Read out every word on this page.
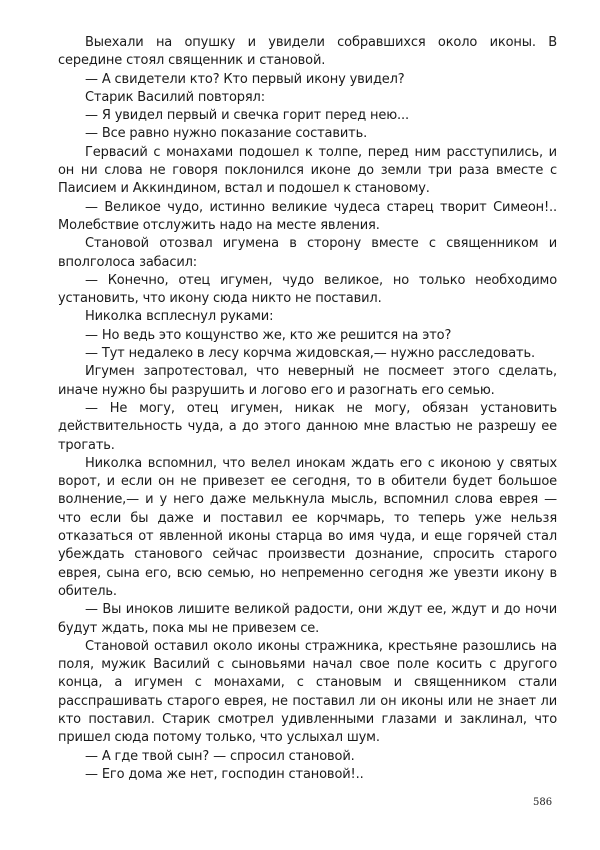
Выехали на опушку и увидели собравшихся около иконы. В середине стоял священник и становой.

— А свидетели кто? Кто первый икону увидел?

Старик Василий повторял:

— Я увидел первый и свечка горит перед нею...

— Все равно нужно показание составить.

Гервасий с монахами подошел к толпе, перед ним расступились, и он ни слова не говоря поклонился иконе до земли три раза вместе с Паисием и Аккиндином, встал и подошел к становому.

— Великое чудо, истинно великие чудеса старец творит Симеон!.. Молебствие отслужить надо на месте явления.

Становой отозвал игумена в сторону вместе с священником и вполголоса забасил:

— Конечно, отец игумен, чудо великое, но только необходимо установить, что икону сюда никто не поставил.

Николка всплеснул руками:

— Но ведь это кощунство же, кто же решится на это?

— Тут недалеко в лесу корчма жидовская,— нужно расследовать.

Игумен запротестовал, что неверный не посмеет этого сделать, иначе нужно бы разрушить и логово его и разогнать его семью.

— Не могу, отец игумен, никак не могу, обязан установить действительность чуда, а до этого данною мне властью не разрешу ее трогать.

Николка вспомнил, что велел инокам ждать его с иконою у святых ворот, и если он не привезет ее сегодня, то в обители будет большое волнение,— и у него даже мелькнула мысль, вспомнил слова еврея — что если бы даже и поставил ее корчмарь, то теперь уже нельзя отказаться от явленной иконы старца во имя чуда, и еще горячей стал убеждать станового сейчас произвести дознание, спросить старого еврея, сына его, всю семью, но непременно сегодня же увезти икону в обитель.

— Вы иноков лишите великой радости, они ждут ее, ждут и до ночи будут ждать, пока мы не привезем се.

Становой оставил около иконы стражника, крестьяне разошлись на поля, мужик Василий с сыновьями начал свое поле косить с другого конца, а игумен с монахами, с становым и священником стали расспрашивать старого еврея, не поставил ли он иконы или не знает ли кто поставил. Старик смотрел удивленными глазами и заклинал, что пришел сюда потому только, что услыхал шум.

— А где твой сын? — спросил становой.

— Его дома же нет, господин становой!..

586
